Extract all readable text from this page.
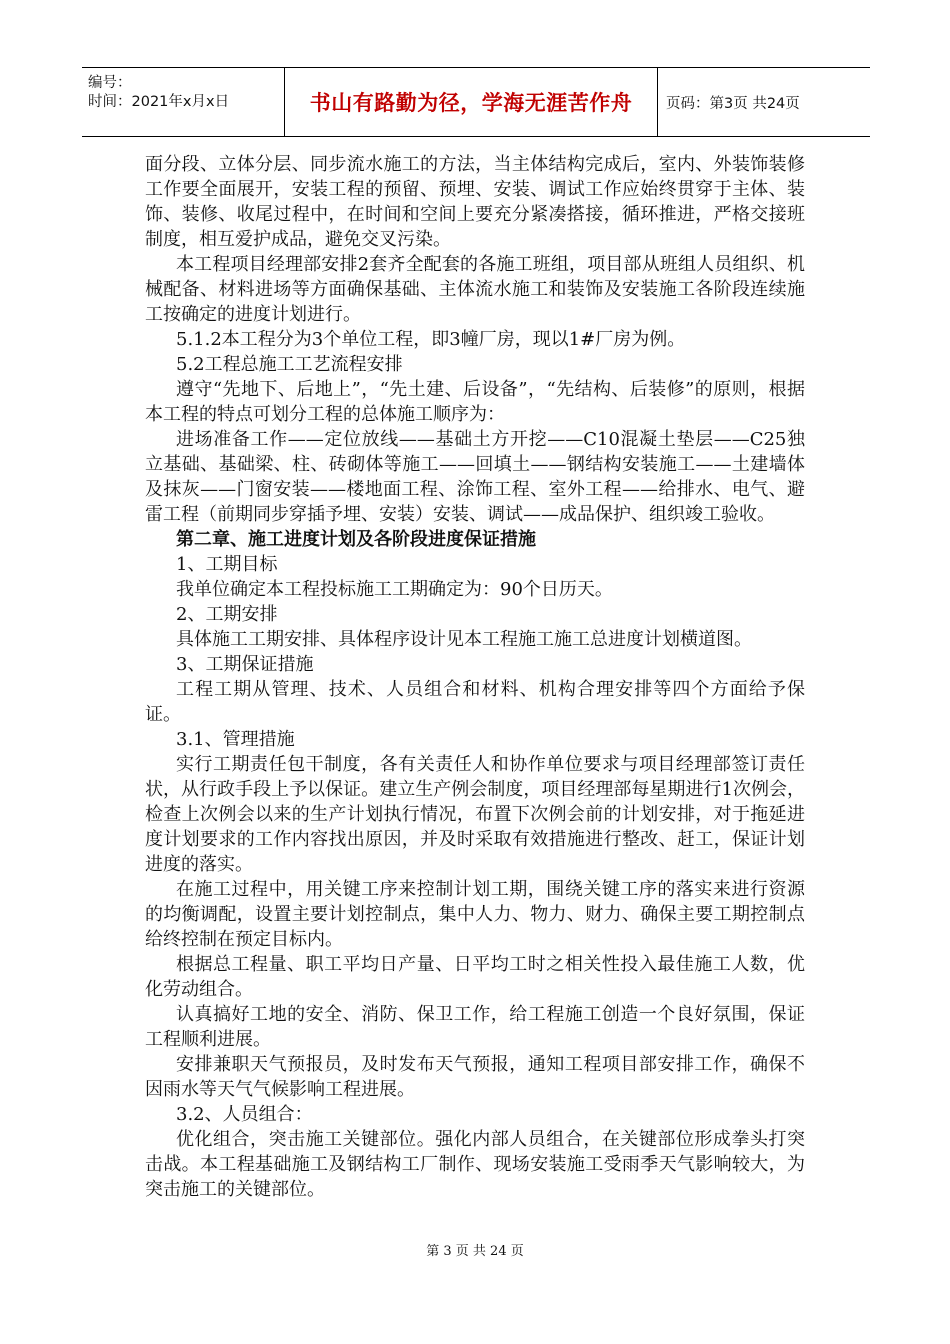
编号：
时间：2021年x月x日	书山有路勤为径，学海无涯苦作舟 页码：第3页 共24页

面分段、立体分层、同步流水施工的方法，当主体结构完成后，室内、外装饰装修工作要全面展开，安装工程的预留、预埋、安装、调试工作应始终贯穿于主体、装饰、装修、收尾过程中，在时间和空间上要充分紧凑搭接，循环推进，严格交接班制度，相互爱护成品，避免交叉污染。

本工程项目经理部安排2套齐全配套的各施工班组，项目部从班组人员组织、机械配备、材料进场等方面确保基础、主体流水施工和装饰及安装施工各阶段连续施工按确定的进度计划进行。

5.1.2本工程分为3个单位工程，即3幢厂房，现以1#厂房为例。

5.2工程总施工工艺流程安排

遵守“先地下、后地上”，“先土建、后设备”，“先结构、后装修”的原则，根据本工程的特点可划分工程的总体施工顺序为：

进场准备工作——定位放线——基础土方开挖——C10混凝土垫层——C25独立基础、基础梁、柱、砖砌体等施工——回填土——钢结构安装施工——土建墙体及抹灰——门窗安装——楼地面工程、涂饰工程、室外工程——给排水、电气、避雷工程（前期同步穿插予埋、安装）安装、调试——成品保护、组织竣工验收。

第二章、施工进度计划及各阶段进度保证措施

1、工期目标

我单位确定本工程投标施工工期确定为：90个日历天。

2、工期安排

具体施工工期安排、具体程序设计见本工程施工施工总进度计划横道图。

3、工期保证措施

工程工期从管理、技术、人员组合和材料、机构合理安排等四个方面给予保证。

3.1、管理措施

实行工期责任包干制度，各有关责任人和协作单位要求与项目经理部签订责任状，从行政手段上予以保证。建立生产例会制度，项目经理部每星期进行1次例会，检查上次例会以来的生产计划执行情况，布置下次例会前的计划安排，对于拖延进度计划要求的工作内容找出原因，并及时采取有效措施进行整改、赶工，保证计划进度的落实。

在施工过程中，用关键工序来控制计划工期，围绕关键工序的落实来进行资源的均衡调配，设置主要计划控制点，集中人力、物力、财力、确保主要工期控制点给终控制在预定目标内。

根据总工程量、职工平均日产量、日平均工时之相关性投入最佳施工人数，优化劳动组合。

认真搞好工地的安全、消防、保卫工作，给工程施工创造一个良好氛围，保证工程顺利进展。

安排兼职天气预报员，及时发布天气预报，通知工程项目部安排工作，确保不因雨水等天气气候影响工程进展。

3.2、人员组合：

优化组合，突击施工关键部位。强化内部人员组合，在关键部位形成拳头打突击战。本工程基础施工及钢结构工厂制作、现场安装施工受雨季天气影响较大，为突击施工的关键部位。

第 3 页 共 24 页
